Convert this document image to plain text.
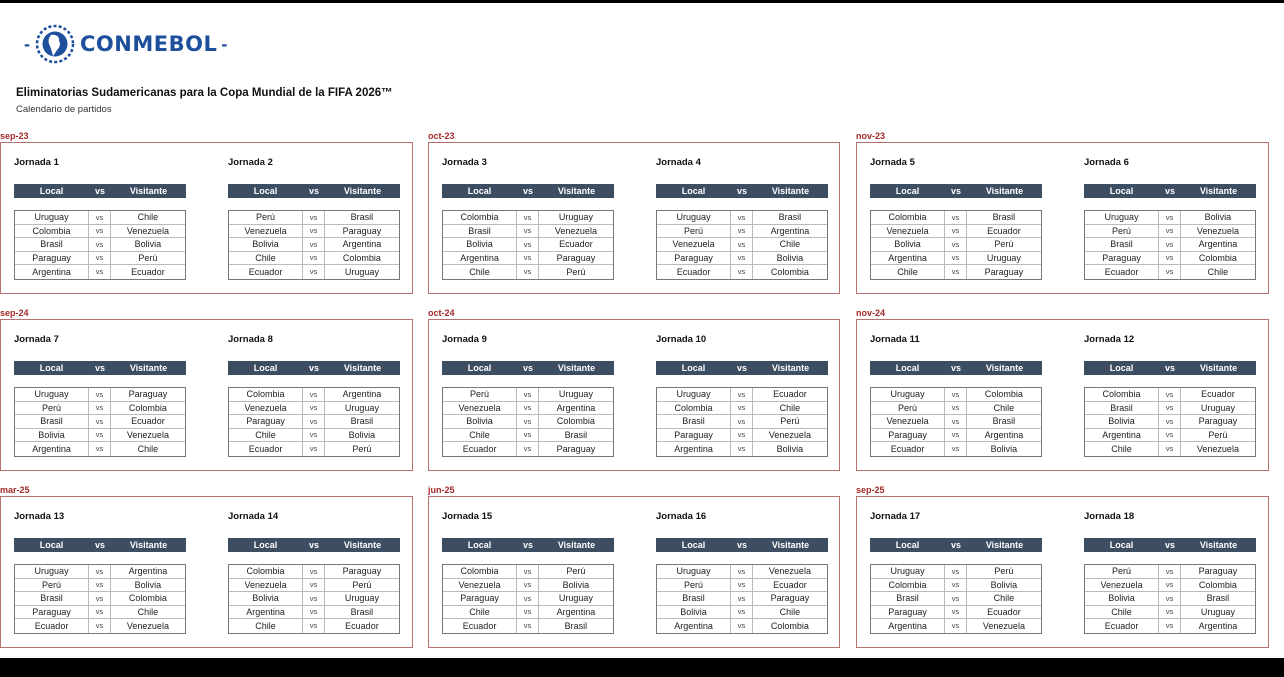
- CONMEBOL -
Eliminatorias Sudamericanas para la Copa Mundial de la FIFA 2026™
Calendario de partidos
sep-23
Jornada 1
Local	vs	Visitante
Uruguay	vs	Chile
Colombia	vs	Venezuela
Brasil	vs	Bolivia
Paraguay	vs	Perú
Argentina	vs	Ecuador
Jornada 2
Local	vs	Visitante
Perú	vs	Brasil
Venezuela	vs	Paraguay
Bolivia	vs	Argentina
Chile	vs	Colombia
Ecuador	vs	Uruguay
oct-23
Jornada 3
Local	vs	Visitante
Colombia	vs	Uruguay
Brasil	vs	Venezuela
Bolivia	vs	Ecuador
Argentina	vs	Paraguay
Chile	vs	Perú
Jornada 4
Local	vs	Visitante
Uruguay	vs	Brasil
Perú	vs	Argentina
Venezuela	vs	Chile
Paraguay	vs	Bolivia
Ecuador	vs	Colombia
nov-23
Jornada 5
Local	vs	Visitante
Colombia	vs	Brasil
Venezuela	vs	Ecuador
Bolivia	vs	Perú
Argentina	vs	Uruguay
Chile	vs	Paraguay
Jornada 6
Local	vs	Visitante
Uruguay	vs	Bolivia
Perú	vs	Venezuela
Brasil	vs	Argentina
Paraguay	vs	Colombia
Ecuador	vs	Chile
sep-24
Jornada 7
Local	vs	Visitante
Uruguay	vs	Paraguay
Perú	vs	Colombia
Brasil	vs	Ecuador
Bolivia	vs	Venezuela
Argentina	vs	Chile
Jornada 8
Local	vs	Visitante
Colombia	vs	Argentina
Venezuela	vs	Uruguay
Paraguay	vs	Brasil
Chile	vs	Bolivia
Ecuador	vs	Perú
oct-24
Jornada 9
Local	vs	Visitante
Perú	vs	Uruguay
Venezuela	vs	Argentina
Bolivia	vs	Colombia
Chile	vs	Brasil
Ecuador	vs	Paraguay
Jornada 10
Local	vs	Visitante
Uruguay	vs	Ecuador
Colombia	vs	Chile
Brasil	vs	Perú
Paraguay	vs	Venezuela
Argentina	vs	Bolivia
nov-24
Jornada 11
Local	vs	Visitante
Uruguay	vs	Colombia
Perú	vs	Chile
Venezuela	vs	Brasil
Paraguay	vs	Argentina
Ecuador	vs	Bolivia
Jornada 12
Local	vs	Visitante
Colombia	vs	Ecuador
Brasil	vs	Uruguay
Bolivia	vs	Paraguay
Argentina	vs	Perú
Chile	vs	Venezuela
mar-25
Jornada 13
Local	vs	Visitante
Uruguay	vs	Argentina
Perú	vs	Bolivia
Brasil	vs	Colombia
Paraguay	vs	Chile
Ecuador	vs	Venezuela
Jornada 14
Local	vs	Visitante
Colombia	vs	Paraguay
Venezuela	vs	Perú
Bolivia	vs	Uruguay
Argentina	vs	Brasil
Chile	vs	Ecuador
jun-25
Jornada 15
Local	vs	Visitante
Colombia	vs	Perú
Venezuela	vs	Bolivia
Paraguay	vs	Uruguay
Chile	vs	Argentina
Ecuador	vs	Brasil
Jornada 16
Local	vs	Visitante
Uruguay	vs	Venezuela
Perú	vs	Ecuador
Brasil	vs	Paraguay
Bolivia	vs	Chile
Argentina	vs	Colombia
sep-25
Jornada 17
Local	vs	Visitante
Uruguay	vs	Perú
Colombia	vs	Bolivia
Brasil	vs	Chile
Paraguay	vs	Ecuador
Argentina	vs	Venezuela
Jornada 18
Local	vs	Visitante
Perú	vs	Paraguay
Venezuela	vs	Colombia
Bolivia	vs	Brasil
Chile	vs	Uruguay
Ecuador	vs	Argentina
